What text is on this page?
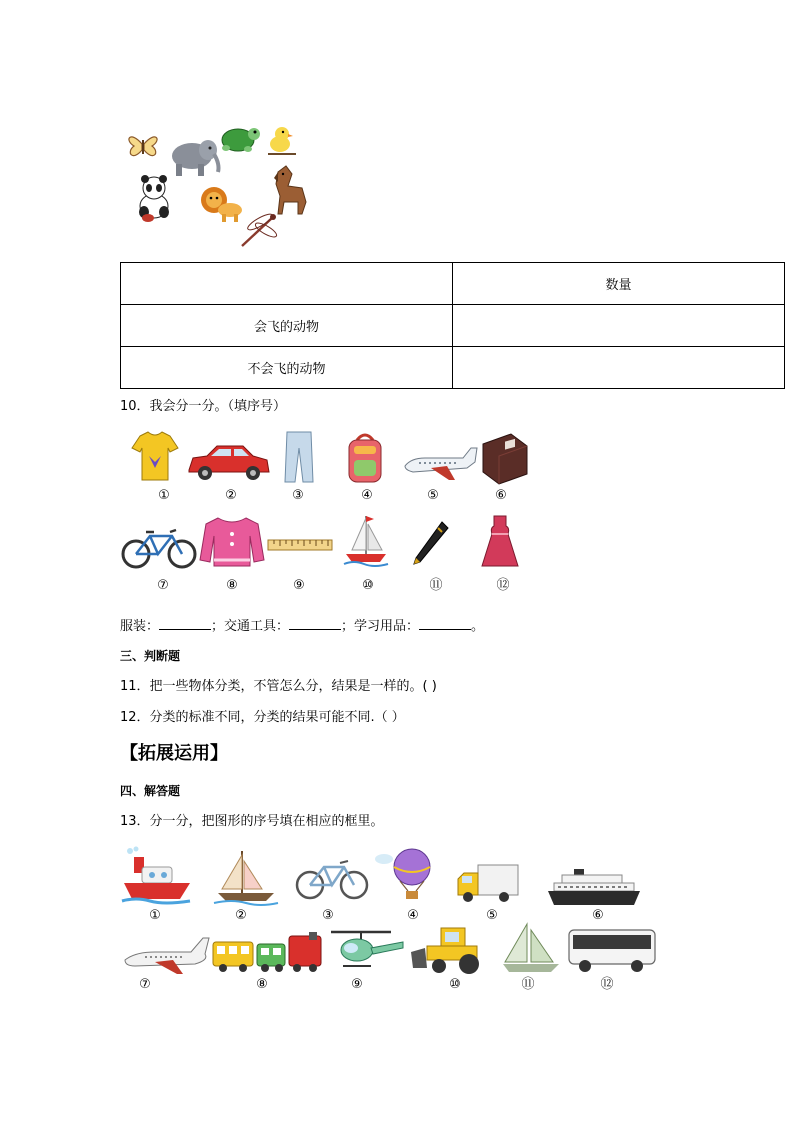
	数量
会飞的动物	
不会飞的动物	
10．我会分一分。（填序号）
①	②	③	④	⑤	⑥
⑦	⑧	⑨	⑩	⑪	⑫
服装：	；交通工具：	；学习用品：	。
三、判断题
11．把一些物体分类，不管怎么分，结果是一样的。( )
12．分类的标准不同，分类的结果可能不同.（ ）
【拓展运用】
四、解答题
13．分一分，把图形的序号填在相应的框里。
①	②	③	④	⑤	⑥
⑦	⑧	⑨	⑩	⑪	⑫
